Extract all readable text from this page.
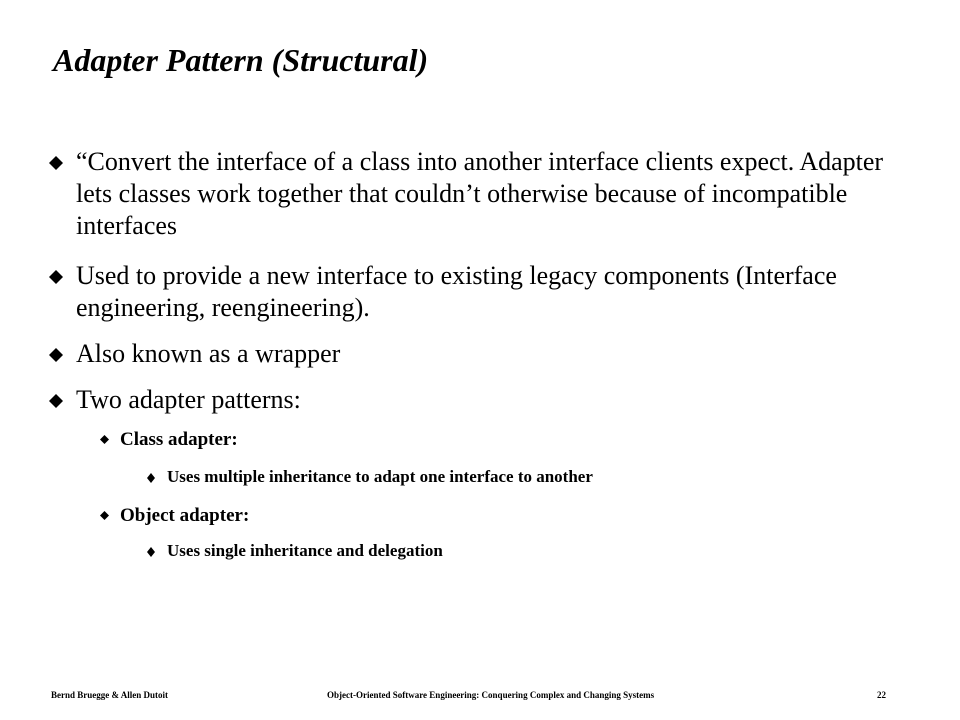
Adapter Pattern (Structural)
“Convert the interface of a class into another interface clients expect. Adapter lets classes work together that couldn’t otherwise because of incompatible interfaces
Used to provide a new interface to existing legacy components (Interface engineering, reengineering).
Also known as a wrapper
Two adapter patterns:
Class adapter:
Uses multiple inheritance to adapt one interface to another
Object adapter:
Uses single inheritance and delegation
Bernd Bruegge & Allen Dutoit	Object-Oriented Software Engineering: Conquering Complex and Changing Systems	22
